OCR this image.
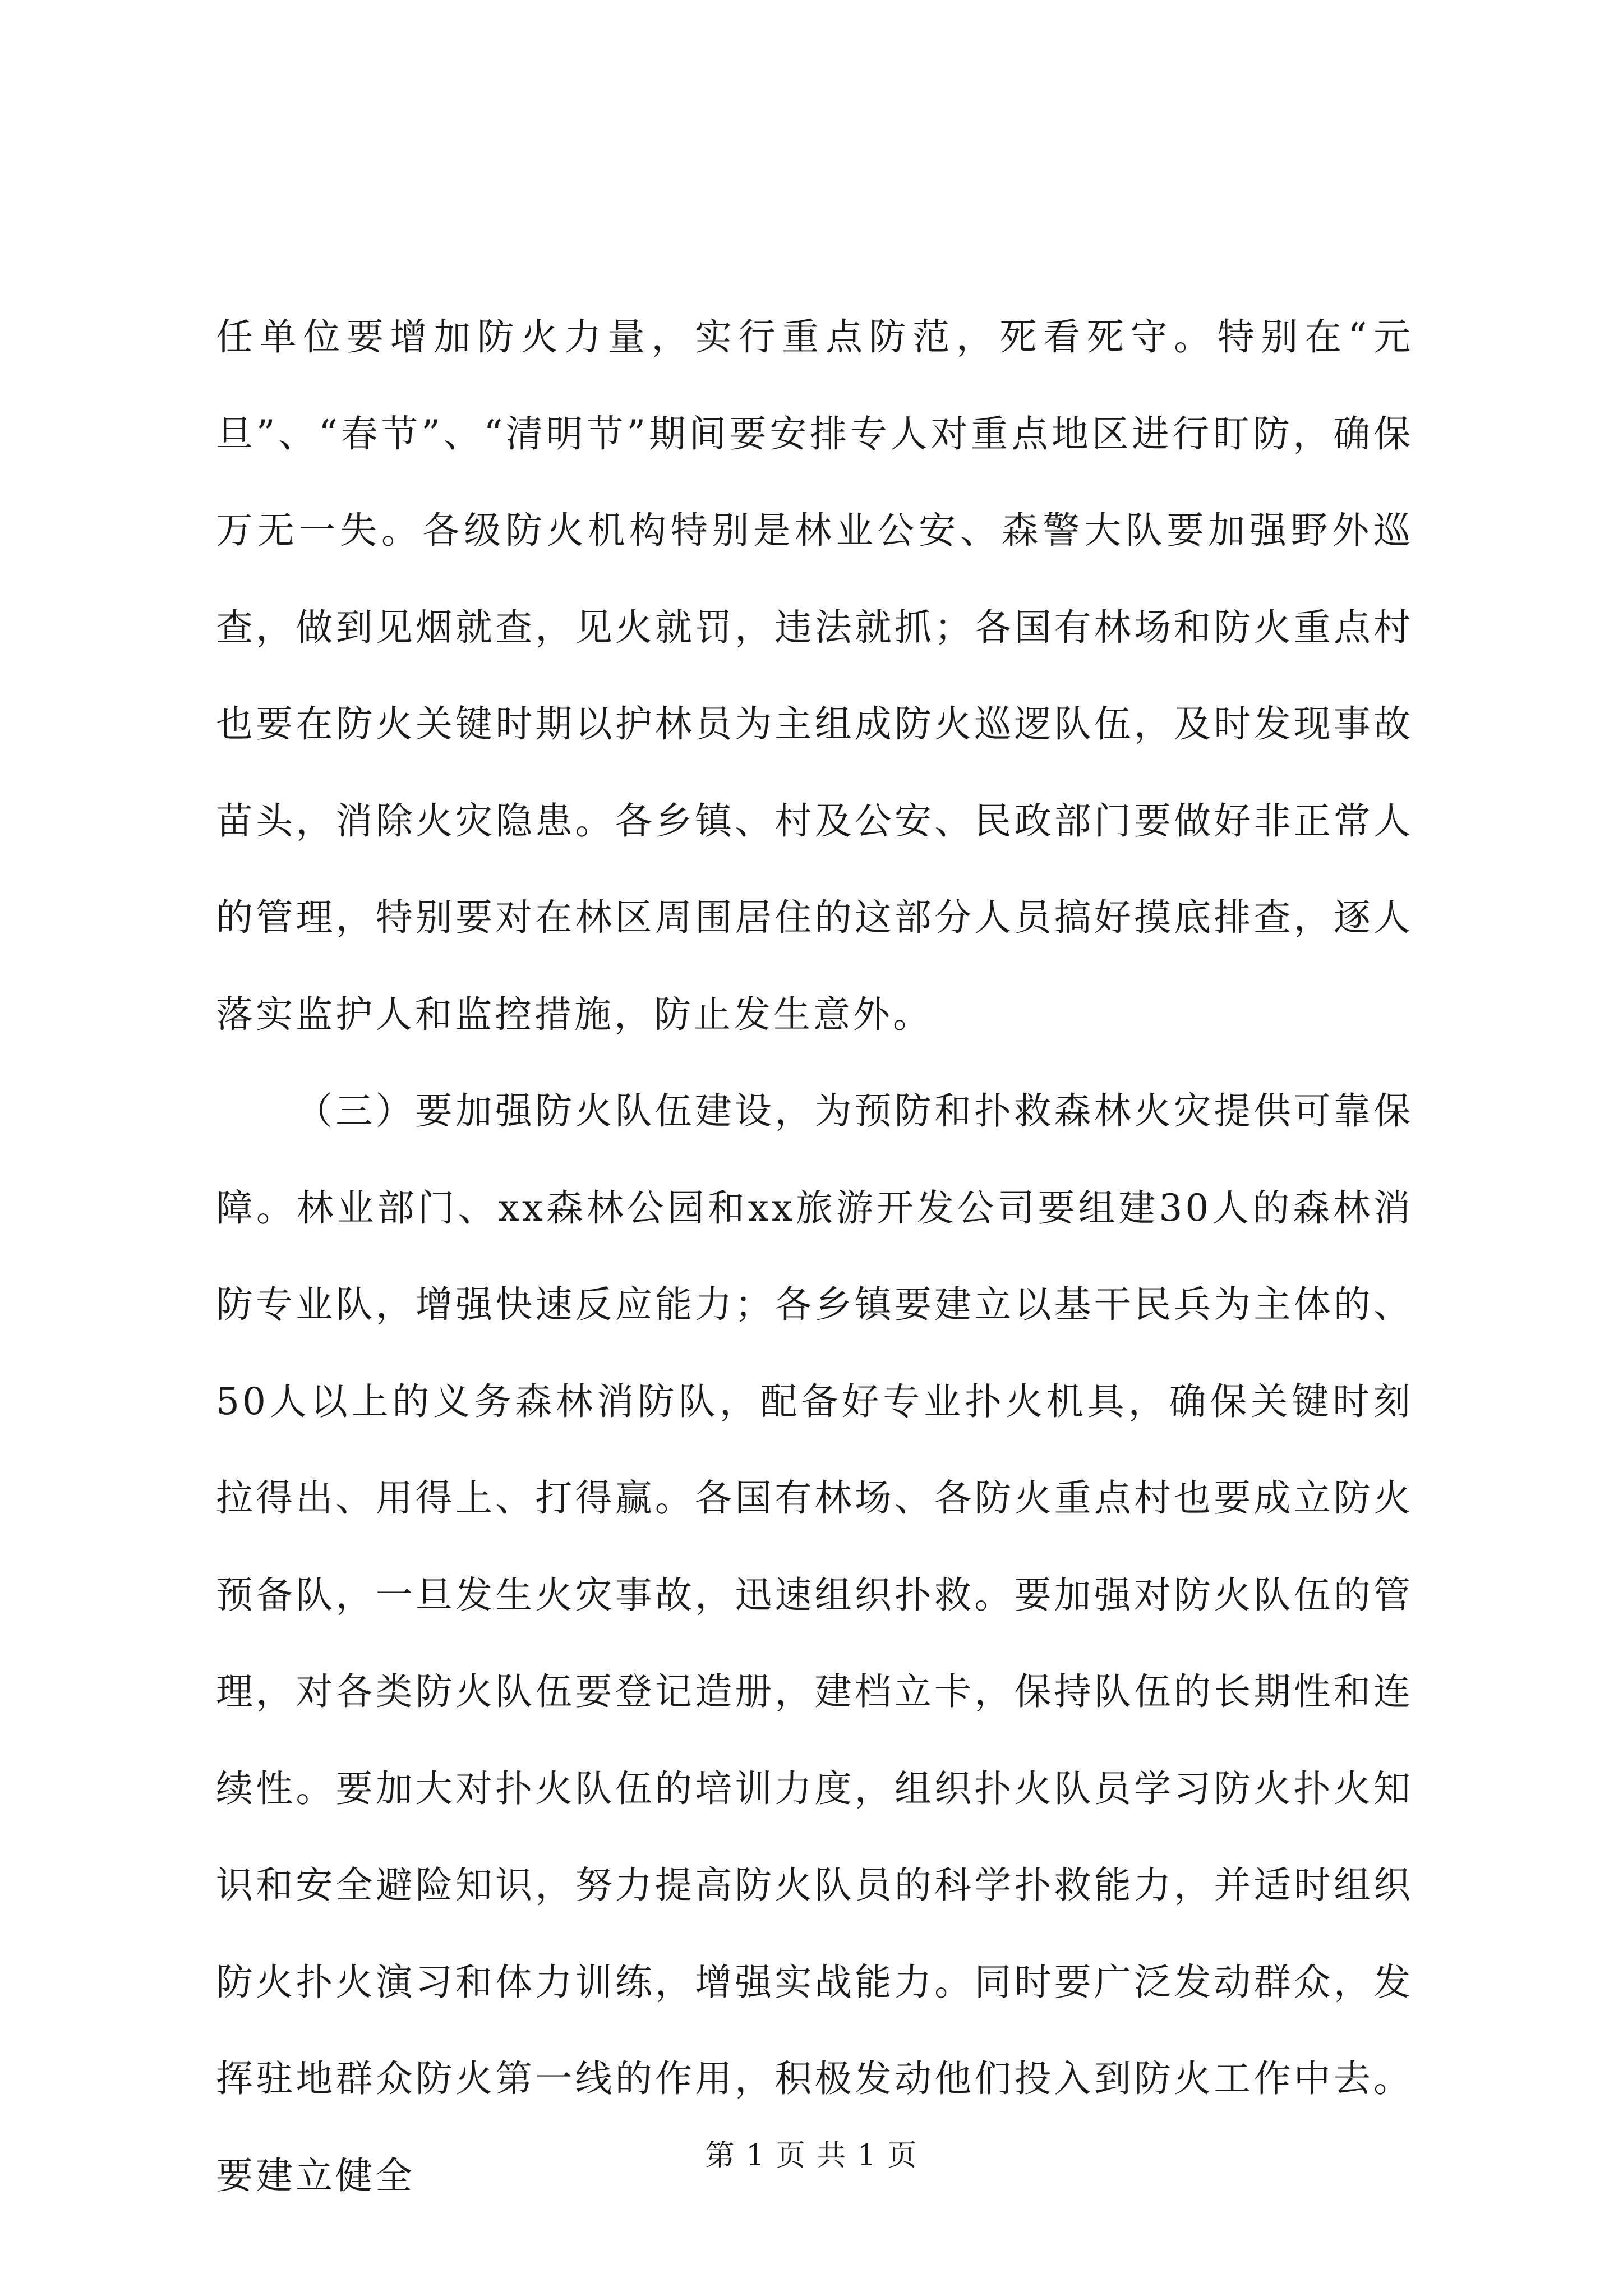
任单位要增加防火力量，实行重点防范，死看死守。特别在“元旦”、“春节”、“清明节”期间要安排专人对重点地区进行盯防，确保万无一失。各级防火机构特别是林业公安、森警大队要加强野外巡查，做到见烟就查，见火就罚，违法就抓；各国有林场和防火重点村也要在防火关键时期以护林员为主组成防火巡逻队伍，及时发现事故苗头，消除火灾隐患。各乡镇、村及公安、民政部门要做好非正常人的管理，特别要对在林区周围居住的这部分人员搞好摸底排查，逐人落实监护人和监控措施，防止发生意外。

（三）要加强防火队伍建设，为预防和扑救森林火灾提供可靠保障。林业部门、xx森林公园和xx旅游开发公司要组建30人的森林消防专业队，增强快速反应能力；各乡镇要建立以基干民兵为主体的、50人以上的义务森林消防队，配备好专业扑火机具，确保关键时刻拉得出、用得上、打得赢。各国有林场、各防火重点村也要成立防火预备队，一旦发生火灾事故，迅速组织扑救。要加强对防火队伍的管理，对各类防火队伍要登记造册，建档立卡，保持队伍的长期性和连续性。要加大对扑火队伍的培训力度，组织扑火队员学习防火扑火知识和安全避险知识，努力提高防火队员的科学扑救能力，并适时组织防火扑火演习和体力训练，增强实战能力。同时要广泛发动群众，发挥驻地群众防火第一线的作用，积极发动他们投入到防火工作中去。要建立健全	第 1 页 共 1 页
